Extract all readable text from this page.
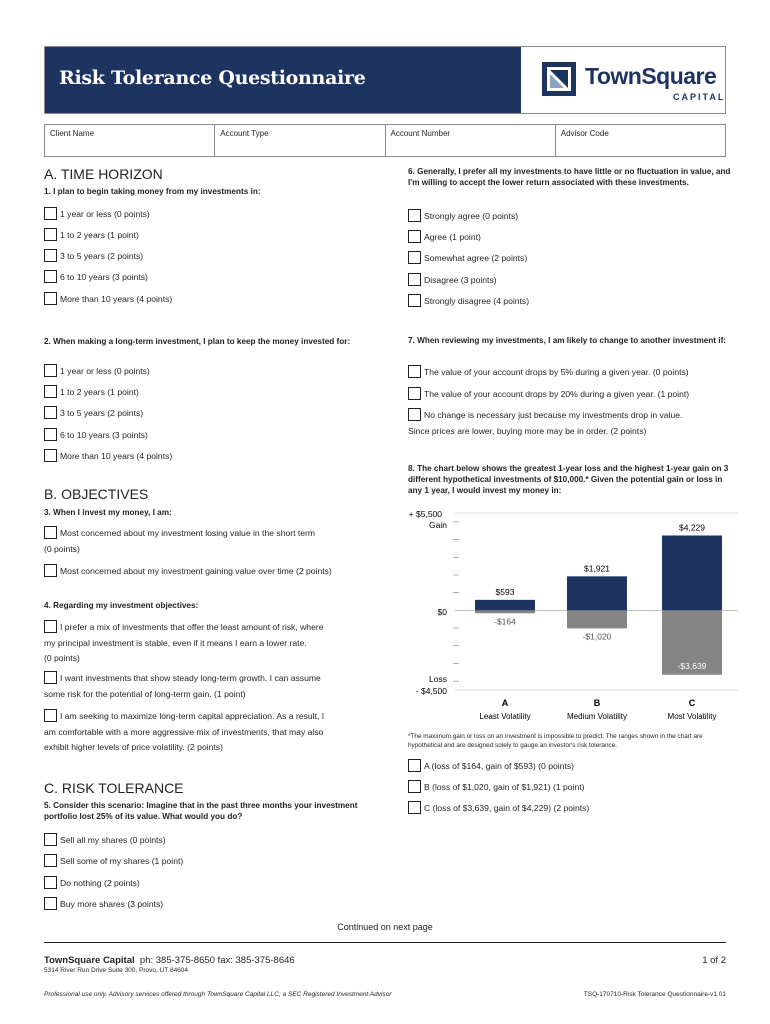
Risk Tolerance Questionnaire	TownSquare
CAPITAL
Client Name	Account Type	Account Number	Advisor Code
A. TIME HORIZON
1. I plan to begin taking money from my investments in:
1 year or less (0 points)
1 to 2 years (1 point)
3 to 5 years (2 points)
6 to 10 years (3 points)
More than 10 years (4 points)
2. When making a long-term investment, I plan to keep the money invested for:
1 year or less (0 points)
1 to 2 years (1 point)
3 to 5 years (2 points)
6 to 10 years (3 points)
More than 10 years (4 points)
B. OBJECTIVES
3. When I invest my money, I am:
Most concerned about my investment losing value in the short term
(0 points)
Most concerned about my investment gaining value over time (2 points)
4. Regarding my investment objectives:
I prefer a mix of investments that offer the least amount of risk, where
my principal investment is stable, even if it means I earn a lower rate.
(0 points)
I want investments that show steady long-term growth. I can assume
some risk for the potential of long-term gain. (1 point)
I am seeking to maximize long-term capital appreciation. As a result, I
am comfortable with a more aggressive mix of investments, that may also
exhibit higher levels of price volatility. (2 points)
C. RISK TOLERANCE
5. Consider this scenario: Imagine that in the past three months your investment portfolio lost 25% of its value. What would you do?
Sell all my shares (0 points)
Sell some of my shares (1 point)
Do nothing (2 points)
Buy more shares (3 points)
6. Generally, I prefer all my investments to have little or no fluctuation in value, and I'm willing to accept the lower return associated with these investments.
Strongly agree (0 points)
Agree (1 point)
Somewhat agree (2 points)
Disagree (3 points)
Strongly disagree (4 points)
7. When reviewing my investments, I am likely to change to another investment if:
The value of your account drops by 5% during a given year. (0 points)
The value of your account drops by 20% during a given year. (1 point)
No change is necessary just because my investments drop in value.
Since prices are lower, buying more may be in order. (2 points)
8. The chart below shows the greatest 1-year loss and the highest 1-year gain on 3 different hypothetical investments of $10,000.* Given the potential gain or loss in any 1 year, I would invest my money in:
*The maximum gain or loss on an investment is impossible to predict. The ranges shown in the chart are hypothetical and are designed solely to gauge an investor's risk tolerance.
A (loss of $164, gain of $593) (0 points)
B (loss of $1,020, gain of $1,921) (1 point)
C (loss of $3,639, gain of $4,229) (2 points)
+ $5,500
Gain
Loss
- $4,500
$0
$593
-$164
A
Least Volatility
$1,921
-$1,020
B
Medium Volatility
$4,229
-$3,639
C
Most Volatility
Continued on next page
TownSquare Capital ph: 385-375-8650 fax: 385-375-8646	1 of 2
5314 River Run Drive Suite 300, Provo, UT 84604
Professional use only. Advisory services offered through TownSquare Capital LLC, a SEC Registered Investment Advisor	TSQ-170710-Risk Tolerance Questionnaire-v1.01
